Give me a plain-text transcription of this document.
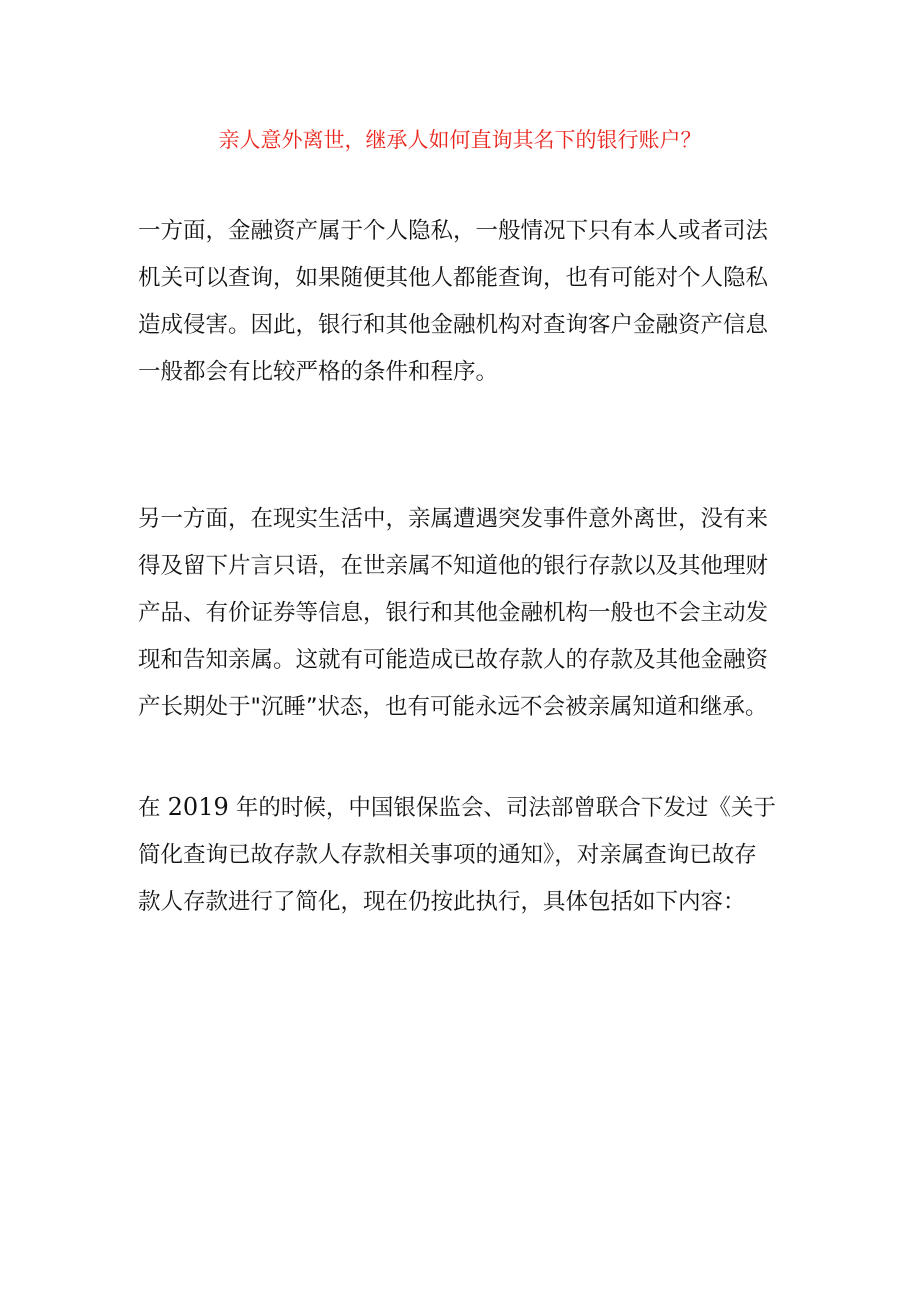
亲人意外离世，继承人如何直询其名下的银行账户？
一方面，金融资产属于个人隐私，一般情况下只有本人或者司法
机关可以查询，如果随便其他人都能查询，也有可能对个人隐私
造成侵害。因此，银行和其他金融机构对查询客户金融资产信息
一般都会有比较严格的条件和程序。
另一方面，在现实生活中，亲属遭遇突发事件意外离世，没有来
得及留下片言只语，在世亲属不知道他的银行存款以及其他理财
产品、有价证券等信息，银行和其他金融机构一般也不会主动发
现和告知亲属。这就有可能造成已故存款人的存款及其他金融资
产长期处于"沉睡”状态，也有可能永远不会被亲属知道和继承。
在 2019 年的时候，中国银保监会、司法部曾联合下发过《关于
简化查询已故存款人存款相关事项的通知》，对亲属查询已故存
款人存款进行了简化，现在仍按此执行，具体包括如下内容：
